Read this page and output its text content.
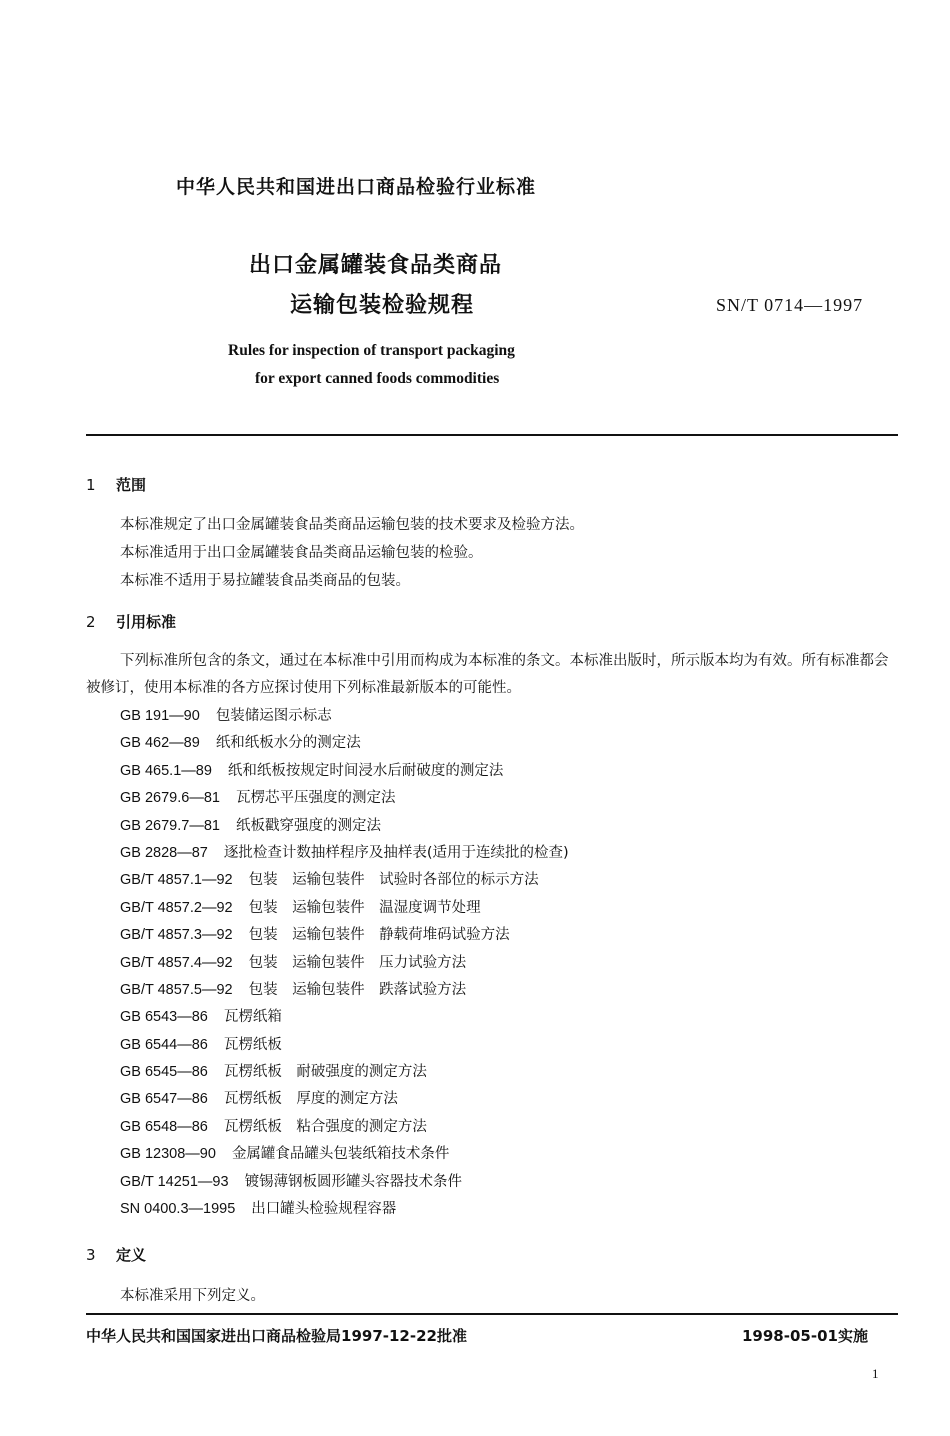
中华人民共和国进出口商品检验行业标准
出口金属罐装食品类商品
运输包装检验规程	SN/T 0714—1997
Rules for inspection of transport packaging
for export canned foods commodities
1 范围
本标准规定了出口金属罐装食品类商品运输包装的技术要求及检验方法。
本标准适用于出口金属罐装食品类商品运输包装的检验。
本标准不适用于易拉罐装食品类商品的包装。
2 引用标准
下列标准所包含的条文，通过在本标准中引用而构成为本标准的条文。本标准出版时，所示版本均为有效。所有标准都会被修订，使用本标准的各方应探讨使用下列标准最新版本的可能性。
GB 191—90 包装储运图示标志
GB 462—89 纸和纸板水分的测定法
GB 465.1—89 纸和纸板按规定时间浸水后耐破度的测定法
GB 2679.6—81 瓦楞芯平压强度的测定法
GB 2679.7—81 纸板戳穿强度的测定法
GB 2828—87 逐批检查计数抽样程序及抽样表(适用于连续批的检查)
GB/T 4857.1—92 包装　运输包装件　试验时各部位的标示方法
GB/T 4857.2—92 包装　运输包装件　温湿度调节处理
GB/T 4857.3—92 包装　运输包装件　静载荷堆码试验方法
GB/T 4857.4—92 包装　运输包装件　压力试验方法
GB/T 4857.5—92 包装　运输包装件　跌落试验方法
GB 6543—86 瓦楞纸箱
GB 6544—86 瓦楞纸板
GB 6545—86 瓦楞纸板　耐破强度的测定方法
GB 6547—86 瓦楞纸板　厚度的测定方法
GB 6548—86 瓦楞纸板　粘合强度的测定方法
GB 12308—90 金属罐食品罐头包装纸箱技术条件
GB/T 14251—93 镀锡薄钢板圆形罐头容器技术条件
SN 0400.3—1995 出口罐头检验规程容器
3 定义
本标准采用下列定义。
中华人民共和国国家进出口商品检验局1997-12-22批准	1998-05-01实施
1
